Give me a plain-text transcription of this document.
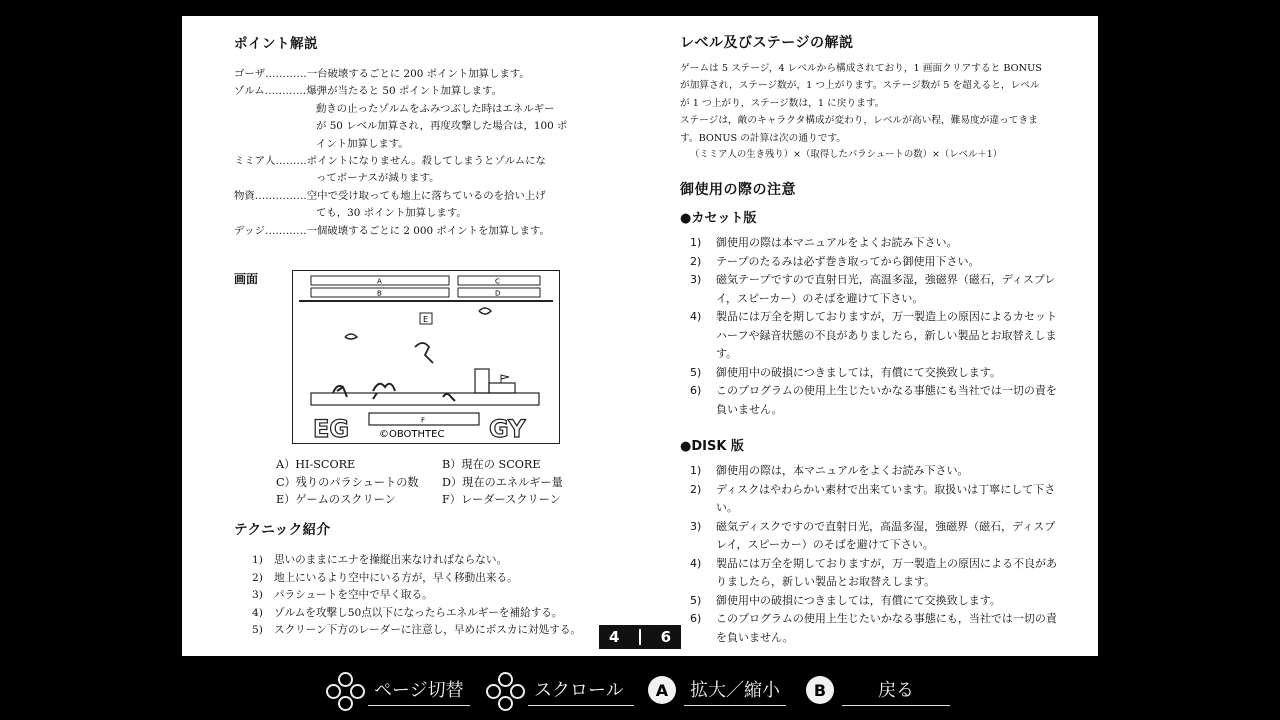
ポイント解説
ゴーザ………… 一台破壊するごとに 200 ポイント加算します。
ゾルム………… 爆弾が当たると 50 ポイント加算します。
動きの止ったゾルムをふみつぶした時はエネルギー
が 50 レベル加算され，再度攻撃した場合は，100 ポ
イント加算します。
ミミア人……… ポイントになりません。殺してしまうとゾルムにな
ってボーナスが減ります。
物資…………… 空中で受け取っても地上に落ちているのを拾い上げ
ても，30 ポイント加算します。
デッジ………… 一個破壊するごとに 2 000 ポイントを加算します。
画面	A
B
C
D
E
F
EG	GY
©OBOTHTEC
A）HI-SCORE	B）現在の SCORE
C）残りのパラシュートの数	D）現在のエネルギー量
E）ゲームのスクリーン	F）レーダースクリーン
テクニック紹介
1)	思いのままにエナを操縦出来なければならない。
2)	地上にいるより空中にいる方が，早く移動出来る。
3)	パラシュートを空中で早く取る。
4)	ゾルムを攻撃し50点以下になったらエネルギーを補給する。
5)	スクリーン下方のレーダーに注意し，早めにボスカに対処する。
レベル及びステージの解説
ゲームは 5 ステージ，4 レベルから構成されており，1 画面クリアすると BONUS
が加算され，ステージ数が，1 つ上がります。ステージ数が 5 を超えると，レベル
が 1 つ上がり，ステージ数は，1 に戻ります。
ステージは，敵のキャラクタ構成が変わり，レベルが高い程，難易度が違ってきま
す。BONUS の計算は次の通りです。
（ミミア人の生き残り）×（取得したパラシュートの数）×（レベル＋1）
御使用の際の注意
●カセット版
1)	御使用の際は本マニュアルをよくお読み下さい。
2)	テープのたるみは必ず巻き取ってから御使用下さい。
3)	磁気テープですので直射日光，高温多湿，強磁界（磁石，ディスプレイ，スピーカー）のそばを避けて下さい。
4)	製品には万全を期しておりますが，万一製造上の原因によるカセットハーフや録音状態の不良がありましたら，新しい製品とお取替えします。
5)	御使用中の破損につきましては，有償にて交換致します。
6)	このプログラムの使用上生じたいかなる事態にも当社では一切の責を負いません。
●DISK 版
1)	御使用の際は，本マニュアルをよくお読み下さい。
2)	ディスクはやわらかい素材で出来ています。取扱いは丁寧にして下さい。
3)	磁気ディスクですので直射日光，高温多湿，強磁界（磁石，ディスプレイ，スピーカー）のそばを避けて下さい。
4)	製品には万全を期しておりますが，万一製造上の原因による不良がありましたら，新しい製品とお取替えします。
5)	御使用中の破損につきましては，有償にて交換致します。
6)	このプログラムの使用上生じたいかなる事態にも，当社では一切の責を負いません。
4	6
ページ切替	スクロール	A	拡大／縮小	B	戻る
